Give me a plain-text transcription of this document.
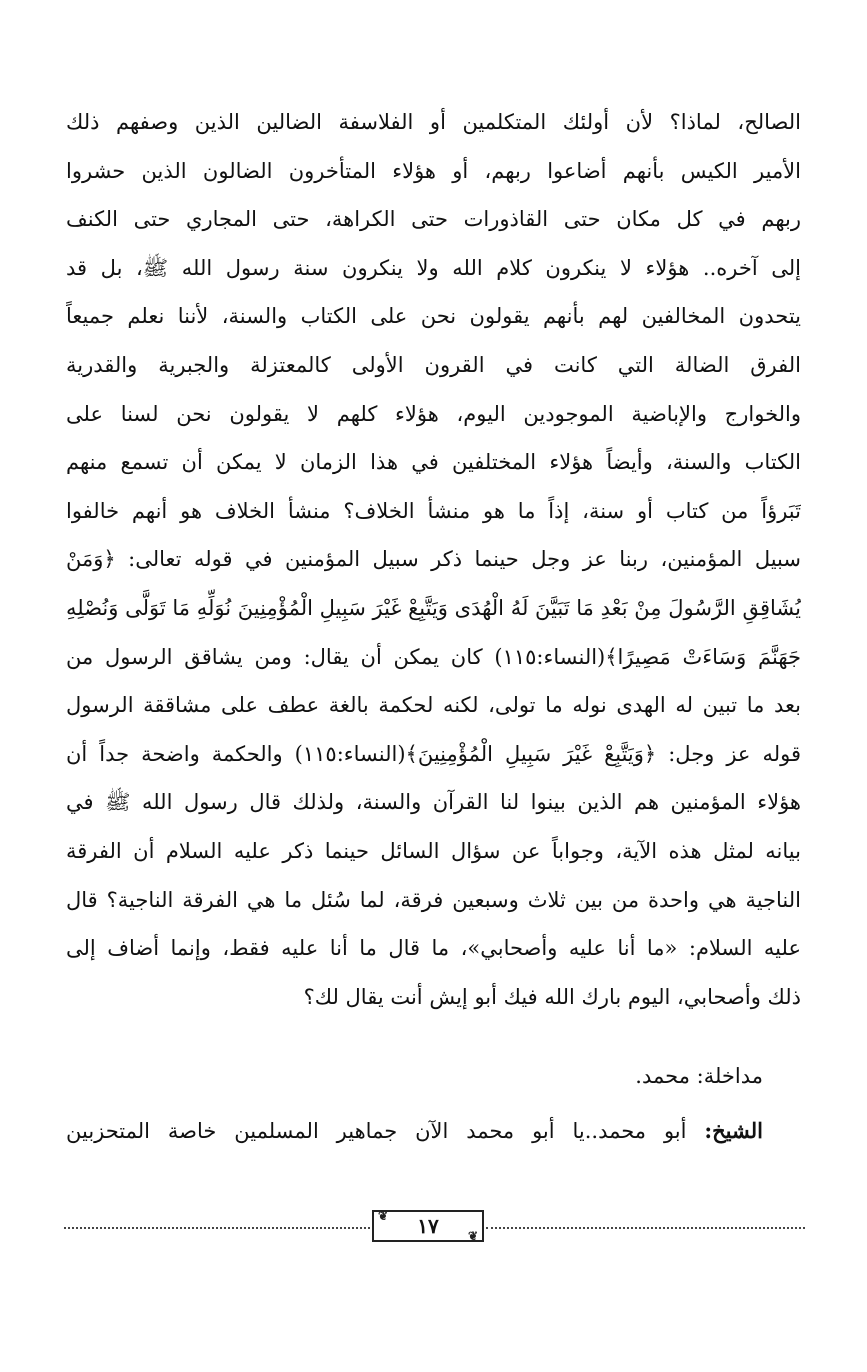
الصالح، لماذا؟ لأن أولئك المتكلمين أو الفلاسفة الضالين الذين وصفهم ذلك
الأمير الكيس بأنهم أضاعوا ربهم، أو هؤلاء المتأخرون الضالون الذين حشروا
ربهم في كل مكان حتى القاذورات حتى الكراهة، حتى المجاري حتى الكنف
إلى آخره.. هؤلاء لا ينكرون كلام الله ولا ينكرون سنة رسول الله ﷺ، بل قد
يتحدون المخالفين لهم بأنهم يقولون نحن على الكتاب والسنة، لأننا نعلم جميعاً
الفرق الضالة التي كانت في القرون الأولى كالمعتزلة والجبرية والقدرية
والخوارج والإباضية الموجودين اليوم، هؤلاء كلهم لا يقولون نحن لسنا على
الكتاب والسنة، وأيضاً هؤلاء المختلفين في هذا الزمان لا يمكن أن تسمع منهم
تَبَرؤاً من كتاب أو سنة، إذاً ما هو منشأ الخلاف؟ منشأ الخلاف هو أنهم خالفوا
سبيل المؤمنين، ربنا عز وجل حينما ذكر سبيل المؤمنين في قوله تعالى: ﴿وَمَنْ
يُشَاقِقِ الرَّسُولَ مِنْ بَعْدِ مَا تَبَيَّنَ لَهُ الْهُدَى وَيَتَّبِعْ غَيْرَ سَبِيلِ الْمُؤْمِنِينَ نُوَلِّهِ مَا تَوَلَّى وَنُصْلِهِ
جَهَنَّمَ وَسَاءَتْ مَصِيرًا﴾(النساء:١١٥) كان يمكن أن يقال: ومن يشاقق الرسول من
بعد ما تبين له الهدى نوله ما تولى، لكنه لحكمة بالغة عطف على مشاققة الرسول
قوله عز وجل: ﴿وَيَتَّبِعْ غَيْرَ سَبِيلِ الْمُؤْمِنِينَ﴾(النساء:١١٥) والحكمة واضحة جداً أن
هؤلاء المؤمنين هم الذين بينوا لنا القرآن والسنة، ولذلك قال رسول الله ﷺ في
بيانه لمثل هذه الآية، وجواباً عن سؤال السائل حينما ذكر عليه السلام أن الفرقة
الناجية هي واحدة من بين ثلاث وسبعين فرقة، لما سُئل ما هي الفرقة الناجية؟ قال
عليه السلام: «ما أنا عليه وأصحابي»، ما قال ما أنا عليه فقط، وإنما أضاف إلى
ذلك وأصحابي، اليوم بارك الله فيك أبو إيش أنت يقال لك؟
مداخلة: محمد.
الشيخ: أبو محمد..يا أبو محمد الآن جماهير المسلمين خاصة المتحزبين
❦ ١٧ ❦
